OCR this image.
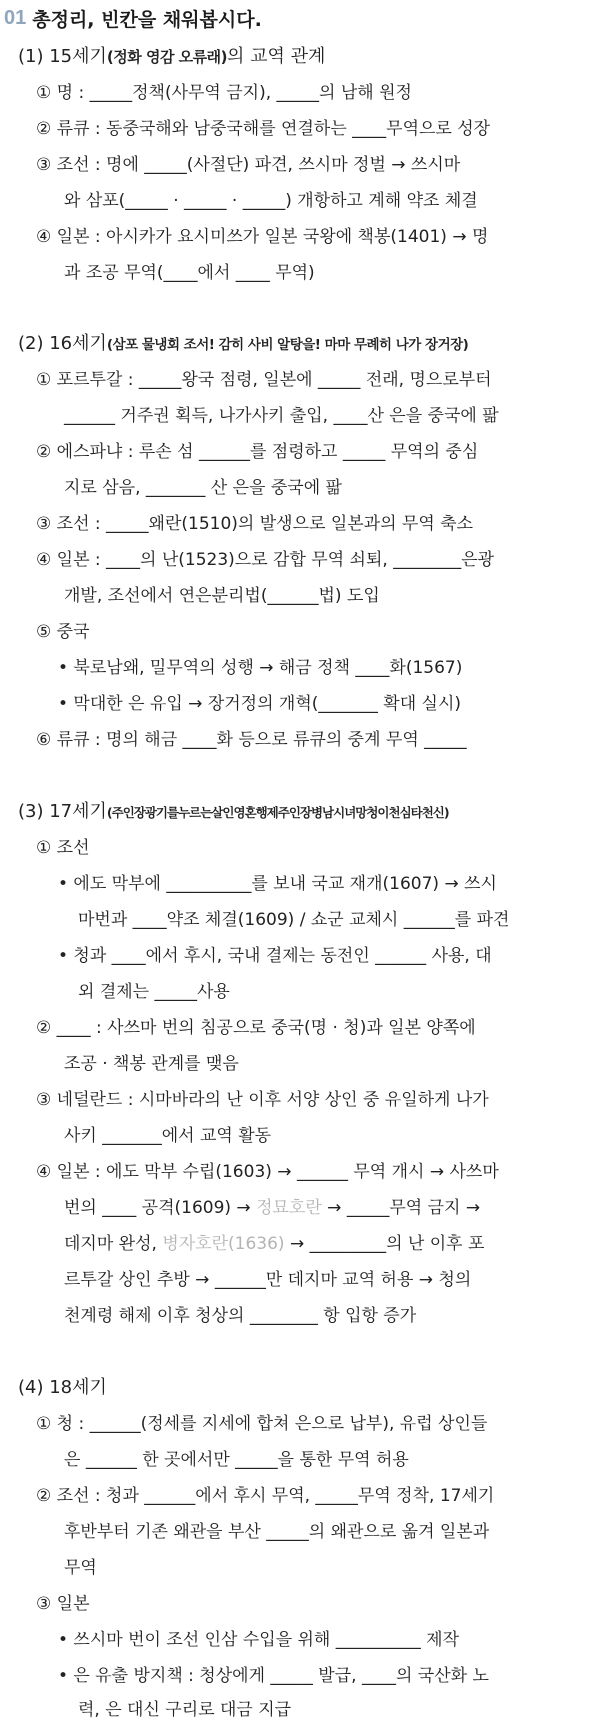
01 총정리, 빈칸을 채워봅시다.
(1) 15세기(정화 영감 오류래)의 교역 관계
① 명 : _____정책(사무역 금지), _____의 남해 원정
② 류큐 : 동중국해와 남중국해를 연결하는 ____무역으로 성장
③ 조선 : 명에 _____(사절단) 파견, 쓰시마 정벌 → 쓰시마
와 삼포(_____ · _____ · _____) 개항하고 계해 약조 체결
④ 일본 : 아시카가 요시미쓰가 일본 국왕에 책봉(1401) → 명
과 조공 무역(____에서 ____ 무역)
(2) 16세기(삼포 물냉회 조서! 감히 사비 알탕을! 마마 무례히 나가 장거장)
① 포르투갈 : _____왕국 점령, 일본에 _____ 전래, 명으로부터
______ 거주권 획득, 나가사키 출입, ____산 은을 중국에 팖
② 에스파냐 : 루손 섬 ______를 점령하고 _____ 무역의 중심
지로 삼음, _______ 산 은을 중국에 팖
③ 조선 : _____왜란(1510)의 발생으로 일본과의 무역 축소
④ 일본 : ____의 난(1523)으로 감합 무역 쇠퇴, ________은광
개발, 조선에서 연은분리법(______법) 도입
⑤ 중국
• 북로남왜, 밀무역의 성행 → 해금 정책 ____화(1567)
• 막대한 은 유입 → 장거정의 개혁(_______ 확대 실시)
⑥ 류큐 : 명의 해금 ____화 등으로 류큐의 중계 무역 _____
(3) 17세기(주인장광기를누르는살인영혼행제주인장병남시녀망청이천심타천신)
① 조선
• 에도 막부에 __________를 보내 국교 재개(1607) → 쓰시
마번과 ____약조 체결(1609) / 쇼군 교체시 ______를 파견
• 청과 ____에서 후시, 국내 결제는 동전인 ______ 사용, 대
외 결제는 _____사용
② ____ : 사쓰마 번의 침공으로 중국(명 · 청)과 일본 양쪽에
조공 · 책봉 관계를 맺음
③ 네덜란드 : 시마바라의 난 이후 서양 상인 중 유일하게 나가
사키 _______에서 교역 활동
④ 일본 : 에도 막부 수립(1603) → ______ 무역 개시 → 사쓰마
번의 ____ 공격(1609) → 정묘호란 → _____무역 금지 →
데지마 완성, 병자호란(1636) → _________의 난 이후 포
르투갈 상인 추방 → ______만 데지마 교역 허용 → 청의
천계령 해제 이후 청상의 ________ 항 입항 증가
(4) 18세기
① 청 : ______(정세를 지세에 합쳐 은으로 납부), 유럽 상인들
은 ______ 한 곳에서만 _____을 통한 무역 허용
② 조선 : 청과 ______에서 후시 무역, _____무역 정착, 17세기
후반부터 기존 왜관을 부산 _____의 왜관으로 옮겨 일본과
무역
③ 일본
• 쓰시마 번이 조선 인삼 수입을 위해 __________ 제작
• 은 유출 방지책 : 청상에게 _____ 발급, ____의 국산화 노
력, 은 대신 구리로 대금 지급
